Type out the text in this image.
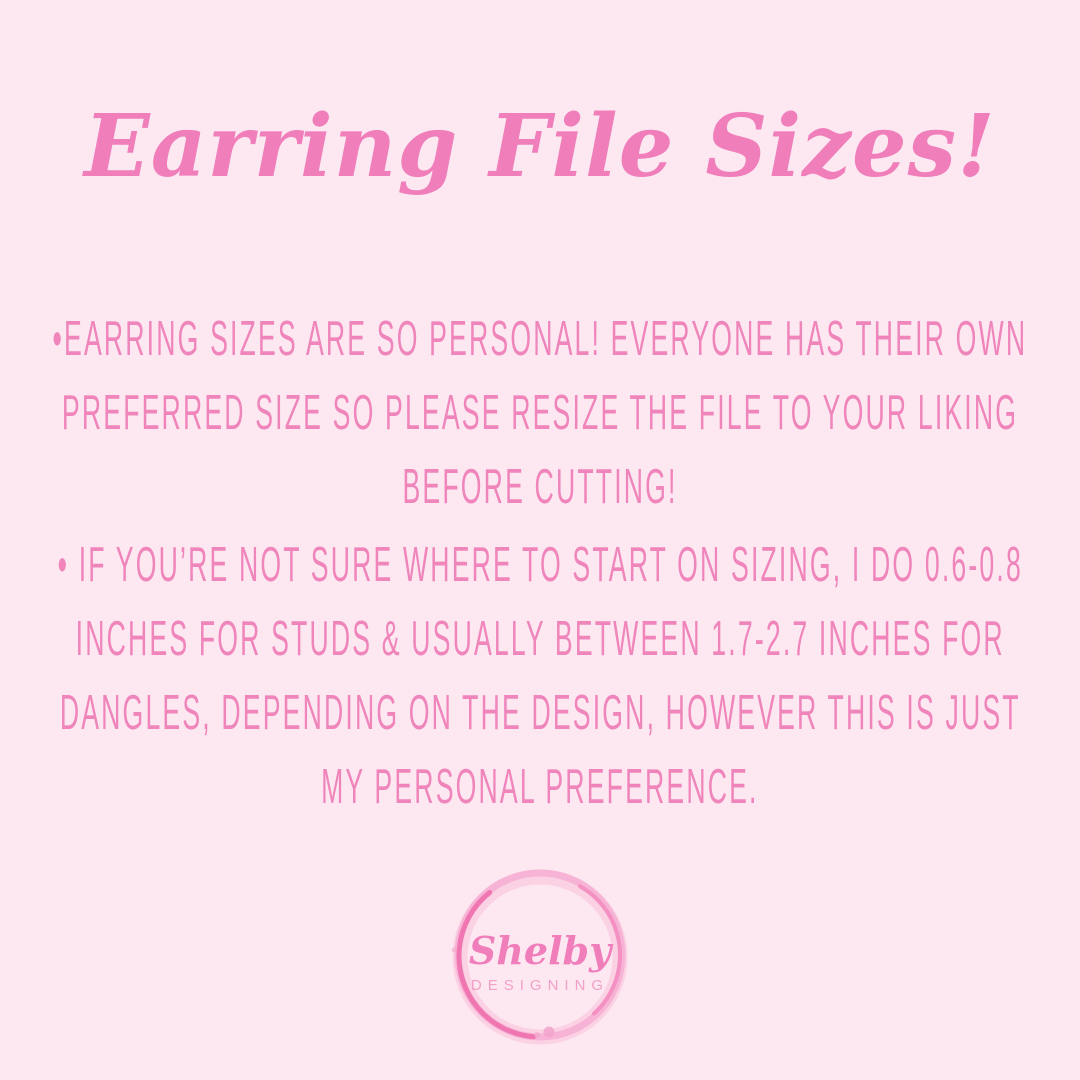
Earring File Sizes!
•EARRING SIZES ARE SO PERSONAL! EVERYONE HAS THEIR OWN
PREFERRED SIZE SO PLEASE RESIZE THE FILE TO YOUR LIKING
BEFORE CUTTING!
• IF YOU’RE NOT SURE WHERE TO START ON SIZING, I DO 0.6-0.8
INCHES FOR STUDS & USUALLY BETWEEN 1.7-2.7 INCHES FOR
DANGLES, DEPENDING ON THE DESIGN, HOWEVER THIS IS JUST
MY PERSONAL PREFERENCE.
Shelby
DESIGNING
